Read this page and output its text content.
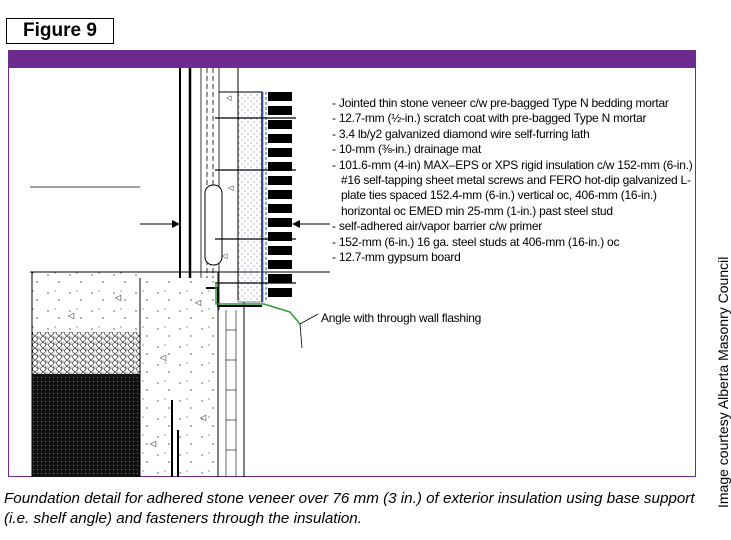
Figure 9
◁
◁
◁
◁
◁
◁
◁
◁
◁
- Jointed thin stone veneer c/w pre-bagged Type N bedding mortar
- 12.7-mm (½-in.) scratch coat with pre-bagged Type N mortar
- 3.4 lb/y2 galvanized diamond wire self-furring lath
- 10-mm (⅜-in.) drainage mat
- 101.6-mm (4-in) MAX–EPS or XPS rigid insulation c/w 152-mm (6-in.) #16 self-tapping sheet metal screws and FERO hot-dip galvanized L-plate ties spaced 152.4-mm (6-in.) vertical oc, 406-mm (16-in.) horizontal oc EMED min 25-mm (1-in.) past steel stud
- self-adhered air/vapor barrier c/w primer
- 152-mm (6-in.) 16 ga. steel studs at 406-mm (16-in.) oc
- 12.7-mm gypsum board
Angle with through wall flashing	Image courtesy Alberta Masonry Council
Foundation detail for adhered stone veneer over 76 mm (3 in.) of exterior insulation using base support (i.e. shelf angle) and fasteners through the insulation.
